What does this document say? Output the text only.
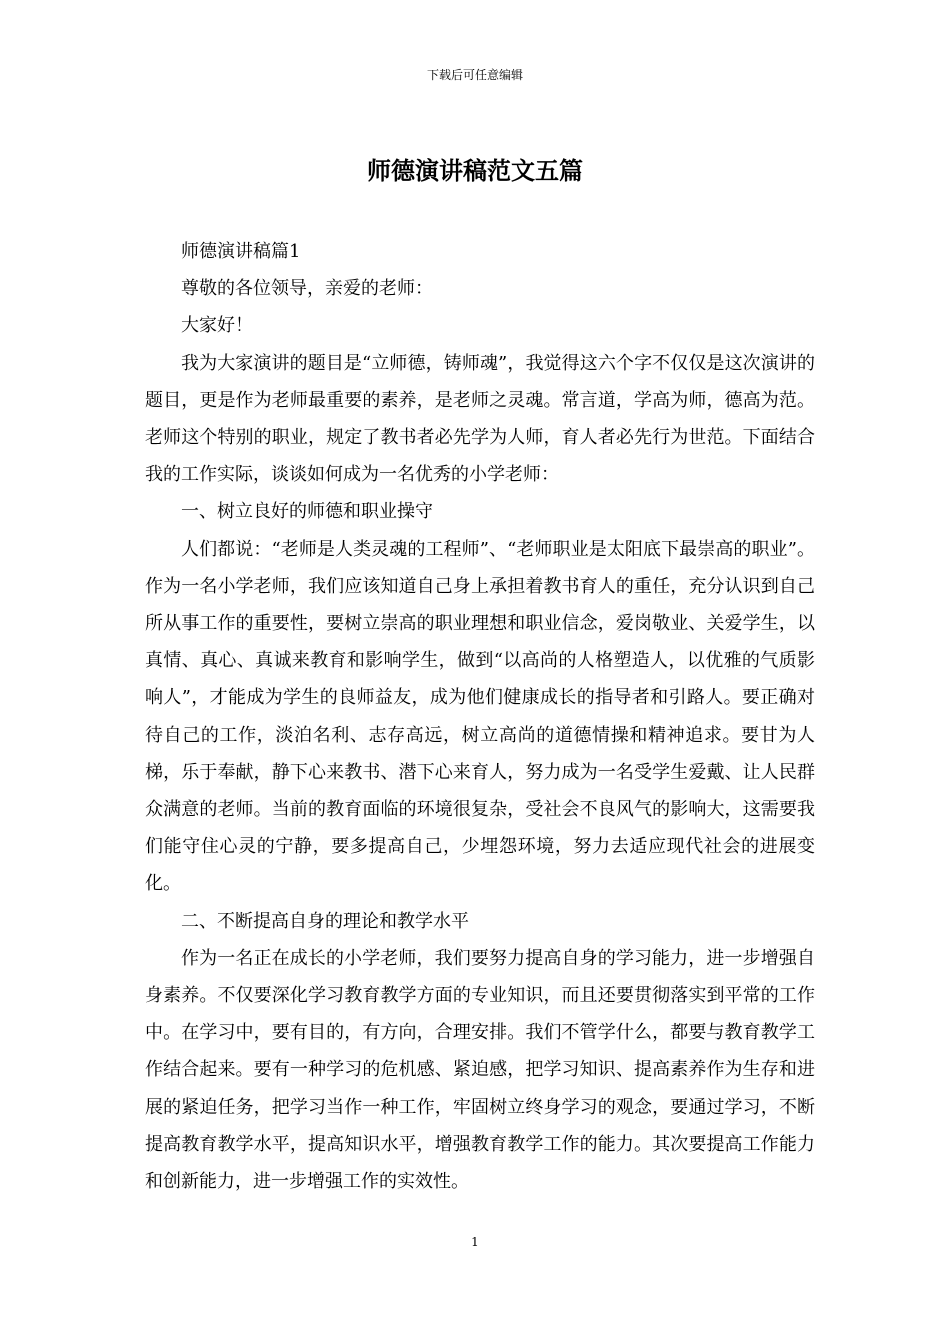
下载后可任意编辑
师德演讲稿范文五篇

师德演讲稿篇1

尊敬的各位领导，亲爱的老师：

大家好！

我为大家演讲的题目是“立师德，铸师魂”，我觉得这六个字不仅仅是这次演讲的题目，更是作为老师最重要的素养，是老师之灵魂。常言道，学高为师，德高为范。老师这个特别的职业，规定了教书者必先学为人师，育人者必先行为世范。下面结合我的工作实际，谈谈如何成为一名优秀的小学老师：

一、树立良好的师德和职业操守

人们都说：“老师是人类灵魂的工程师”、“老师职业是太阳底下最崇高的职业”。作为一名小学老师，我们应该知道自己身上承担着教书育人的重任，充分认识到自己所从事工作的重要性，要树立崇高的职业理想和职业信念，爱岗敬业、关爱学生，以真情、真心、真诚来教育和影响学生，做到“以高尚的人格塑造人，以优雅的气质影响人”，才能成为学生的良师益友，成为他们健康成长的指导者和引路人。要正确对待自己的工作，淡泊名利、志存高远，树立高尚的道德情操和精神追求。要甘为人梯，乐于奉献，静下心来教书、潜下心来育人，努力成为一名受学生爱戴、让人民群众满意的老师。当前的教育面临的环境很复杂，受社会不良风气的影响大，这需要我们能守住心灵的宁静，要多提高自己，少埋怨环境，努力去适应现代社会的进展变化。

二、不断提高自身的理论和教学水平

作为一名正在成长的小学老师，我们要努力提高自身的学习能力，进一步增强自身素养。不仅要深化学习教育教学方面的专业知识，而且还要贯彻落实到平常的工作中。在学习中，要有目的，有方向，合理安排。我们不管学什么，都要与教育教学工作结合起来。要有一种学习的危机感、紧迫感，把学习知识、提高素养作为生存和进展的紧迫任务，把学习当作一种工作，牢固树立终身学习的观念，要通过学习，不断提高教育教学水平，提高知识水平，增强教育教学工作的能力。其次要提高工作能力和创新能力，进一步增强工作的实效性。

1
